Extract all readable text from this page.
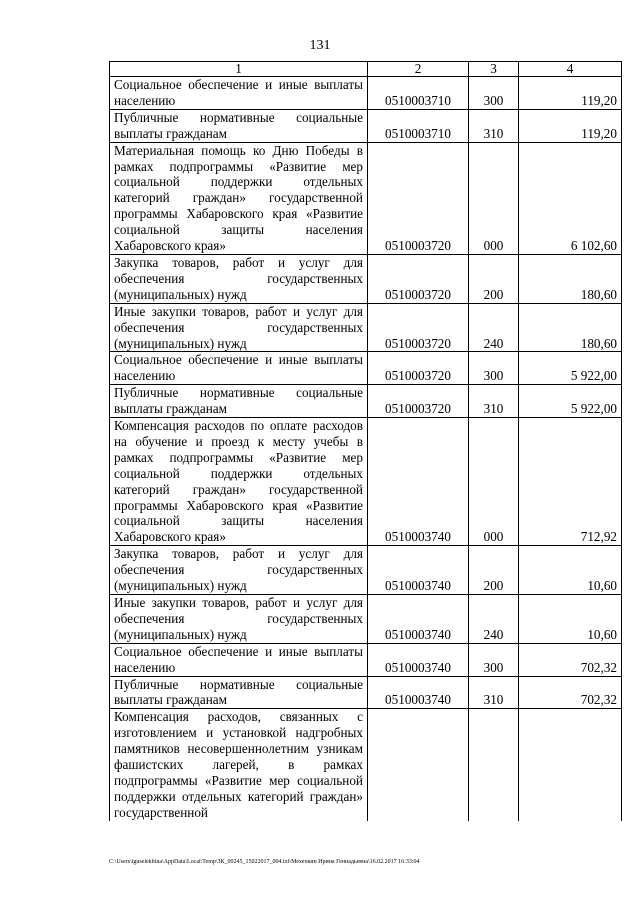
131
1	2	3	4
Социальное обеспечение и иные выплаты населению	0510003710	300	119,20
Публичные нормативные социальные выплаты гражданам	0510003710	310	119,20
Материальная помощь ко Дню Победы в рамках подпрограммы «Развитие мер социальной поддержки отдельных категорий граждан» государственной программы Хабаровского края «Развитие социальной защиты населения Хабаровского края»	0510003720	000	6 102,60
Закупка товаров, работ и услуг для обеспечения государственных (муниципальных) нужд	0510003720	200	180,60
Иные закупки товаров, работ и услуг для обеспечения государственных (муниципальных) нужд	0510003720	240	180,60
Социальное обеспечение и иные выплаты населению	0510003720	300	5 922,00
Публичные нормативные социальные выплаты гражданам	0510003720	310	5 922,00
Компенсация расходов по оплате расходов на обучение и проезд к месту учебы в рамках подпрограммы «Развитие мер социальной поддержки отдельных категорий граждан» государственной программы Хабаровского края «Развитие социальной защиты населения Хабаровского края»	0510003740	000	712,92
Закупка товаров, работ и услуг для обеспечения государственных (муниципальных) нужд	0510003740	200	10,60
Иные закупки товаров, работ и услуг для обеспечения государственных (муниципальных) нужд	0510003740	240	10,60
Социальное обеспечение и иные выплаты населению	0510003740	300	702,32
Публичные нормативные социальные выплаты гражданам	0510003740	310	702,32
Компенсация расходов, связанных с изготовлением и установкой надгробных памятников несовершеннолетним узникам фашистских лагерей, в рамках подпрограммы «Развитие мер социальной поддержки отдельных категорий граждан» государственной			
C:\Users\iguselekhina\AppData\Local\Temp\ЗК_00245_15022017_004.txt\Мехехкин Ирина Геннадьевна\16.02.2017 16:33:04
